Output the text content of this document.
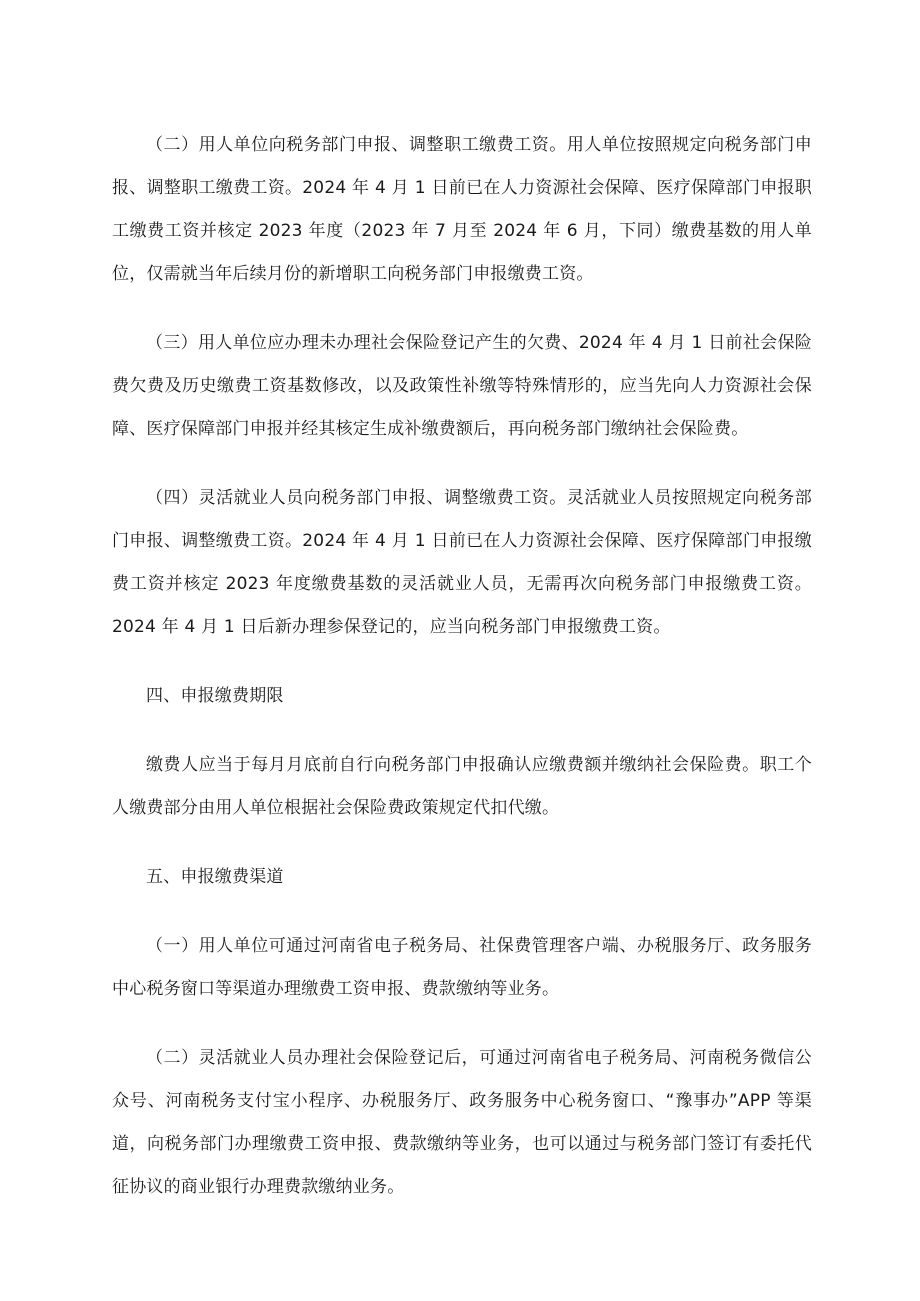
（二）用人单位向税务部门申报、调整职工缴费工资。用人单位按照规定向税务部门申报、调整职工缴费工资。2024 年 4 月 1 日前已在人力资源社会保障、医疗保障部门申报职工缴费工资并核定 2023 年度（2023 年 7 月至 2024 年 6 月，下同）缴费基数的用人单位，仅需就当年后续月份的新增职工向税务部门申报缴费工资。

（三）用人单位应办理未办理社会保险登记产生的欠费、2024 年 4 月 1 日前社会保险费欠费及历史缴费工资基数修改，以及政策性补缴等特殊情形的，应当先向人力资源社会保障、医疗保障部门申报并经其核定生成补缴费额后，再向税务部门缴纳社会保险费。

（四）灵活就业人员向税务部门申报、调整缴费工资。灵活就业人员按照规定向税务部门申报、调整缴费工资。2024 年 4 月 1 日前已在人力资源社会保障、医疗保障部门申报缴费工资并核定 2023 年度缴费基数的灵活就业人员，无需再次向税务部门申报缴费工资。2024 年 4 月 1 日后新办理参保登记的，应当向税务部门申报缴费工资。

四、申报缴费期限

缴费人应当于每月月底前自行向税务部门申报确认应缴费额并缴纳社会保险费。职工个人缴费部分由用人单位根据社会保险费政策规定代扣代缴。

五、申报缴费渠道

（一）用人单位可通过河南省电子税务局、社保费管理客户端、办税服务厅、政务服务中心税务窗口等渠道办理缴费工资申报、费款缴纳等业务。

（二）灵活就业人员办理社会保险登记后，可通过河南省电子税务局、河南税务微信公众号、河南税务支付宝小程序、办税服务厅、政务服务中心税务窗口、“豫事办”APP 等渠道，向税务部门办理缴费工资申报、费款缴纳等业务，也可以通过与税务部门签订有委托代征协议的商业银行办理费款缴纳业务。
